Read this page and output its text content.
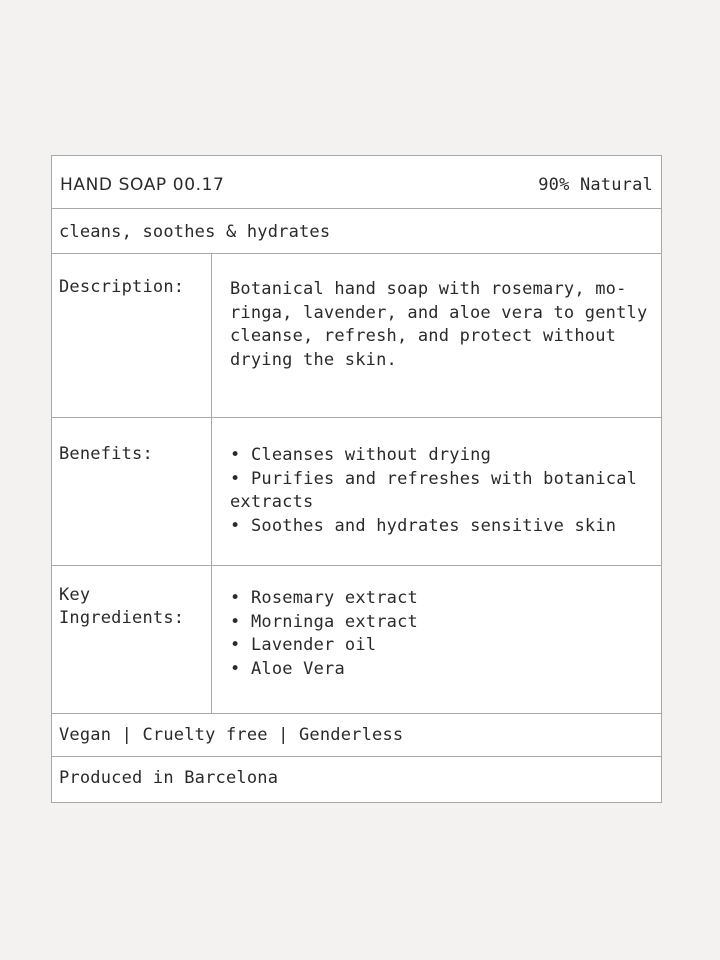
HAND SOAP 00.17	90% Natural
cleans, soothes & hydrates
Description:	Botanical hand soap with rosemary, mo-

ringa, lavender, and aloe vera to gently

cleanse, refresh, and protect without

drying the skin.

Benefits:
•	Cleanses without drying
•Purifies and refreshes with botanical extracts
•Soothes and hydrates sensitive skin
Key
Ingredients:
•Rosemary extract
•Morninga extract
•Lavender oil
•Aloe Vera
Vegan | Cruelty free | Genderless
Produced in Barcelona
